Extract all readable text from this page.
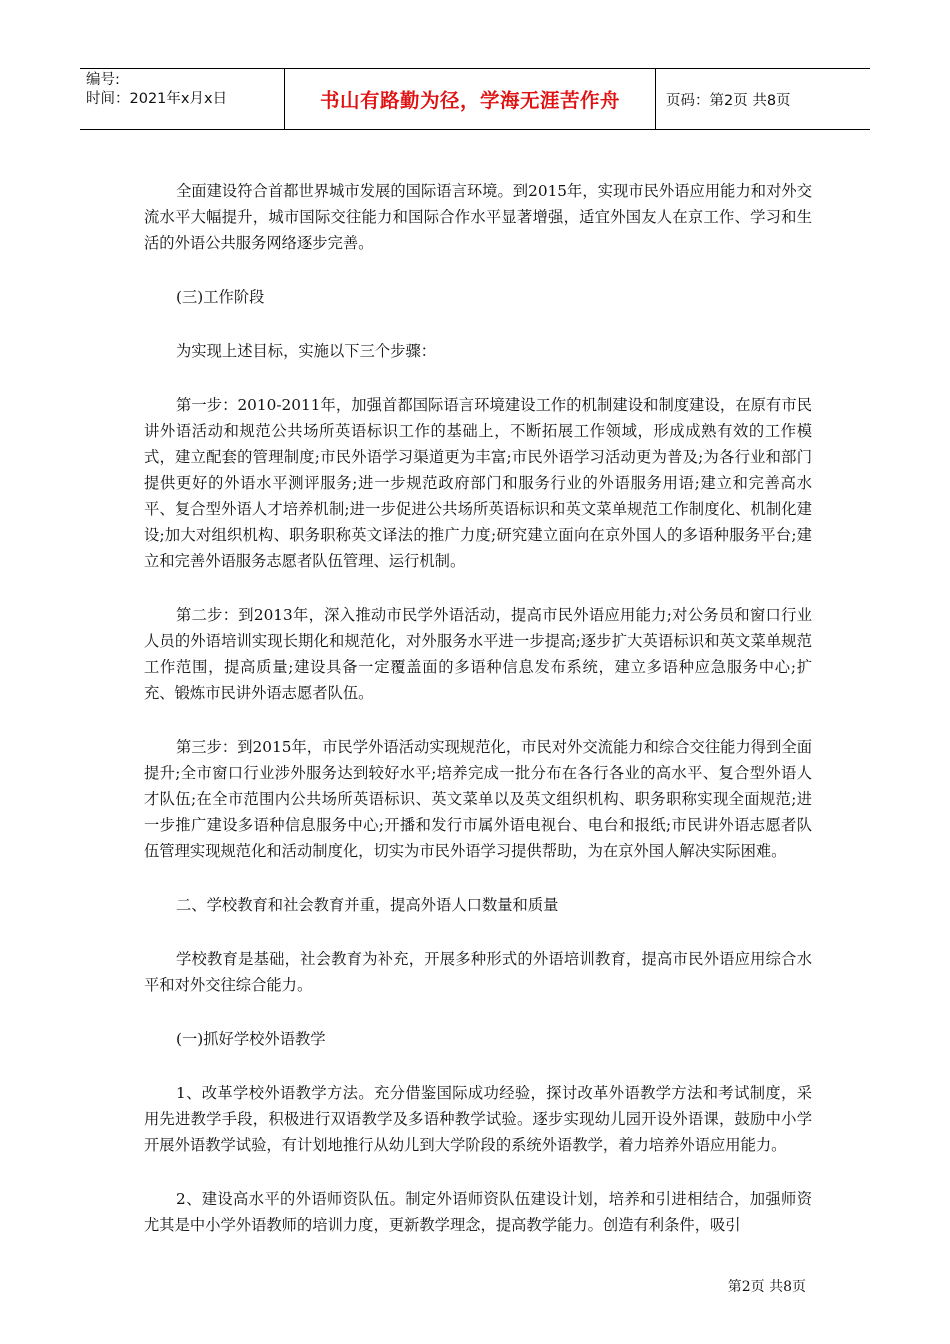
编号:
时间：2021年x月x日	书山有路勤为径，学海无涯苦作舟	页码：第2页 共8页

全面建设符合首都世界城市发展的国际语言环境。到2015年，实现市民外语应用能力和对外交流水平大幅提升，城市国际交往能力和国际合作水平显著增强，适宜外国友人在京工作、学习和生活的外语公共服务网络逐步完善。

(三)工作阶段

为实现上述目标，实施以下三个步骤：

第一步：2010-2011年，加强首都国际语言环境建设工作的机制建设和制度建设，在原有市民讲外语活动和规范公共场所英语标识工作的基础上，不断拓展工作领域，形成成熟有效的工作模式，建立配套的管理制度;市民外语学习渠道更为丰富;市民外语学习活动更为普及;为各行业和部门提供更好的外语水平测评服务;进一步规范政府部门和服务行业的外语服务用语;建立和完善高水平、复合型外语人才培养机制;进一步促进公共场所英语标识和英文菜单规范工作制度化、机制化建设;加大对组织机构、职务职称英文译法的推广力度;研究建立面向在京外国人的多语种服务平台;建立和完善外语服务志愿者队伍管理、运行机制。

第二步：到2013年，深入推动市民学外语活动，提高市民外语应用能力;对公务员和窗口行业人员的外语培训实现长期化和规范化，对外服务水平进一步提高;逐步扩大英语标识和英文菜单规范工作范围，提高质量;建设具备一定覆盖面的多语种信息发布系统，建立多语种应急服务中心;扩充、锻炼市民讲外语志愿者队伍。

第三步：到2015年，市民学外语活动实现规范化，市民对外交流能力和综合交往能力得到全面提升;全市窗口行业涉外服务达到较好水平;培养完成一批分布在各行各业的高水平、复合型外语人才队伍;在全市范围内公共场所英语标识、英文菜单以及英文组织机构、职务职称实现全面规范;进一步推广建设多语种信息服务中心;开播和发行市属外语电视台、电台和报纸;市民讲外语志愿者队伍管理实现规范化和活动制度化，切实为市民外语学习提供帮助，为在京外国人解决实际困难。

二、学校教育和社会教育并重，提高外语人口数量和质量

学校教育是基础，社会教育为补充，开展多种形式的外语培训教育，提高市民外语应用综合水平和对外交往综合能力。

(一)抓好学校外语教学

1、改革学校外语教学方法。充分借鉴国际成功经验，探讨改革外语教学方法和考试制度，采用先进教学手段，积极进行双语教学及多语种教学试验。逐步实现幼儿园开设外语课，鼓励中小学开展外语教学试验，有计划地推行从幼儿到大学阶段的系统外语教学，着力培养外语应用能力。

2、建设高水平的外语师资队伍。制定外语师资队伍建设计划，培养和引进相结合，加强师资尤其是中小学外语教师的培训力度，更新教学理念，提高教学能力。创造有利条件，吸引

第2页 共8页
